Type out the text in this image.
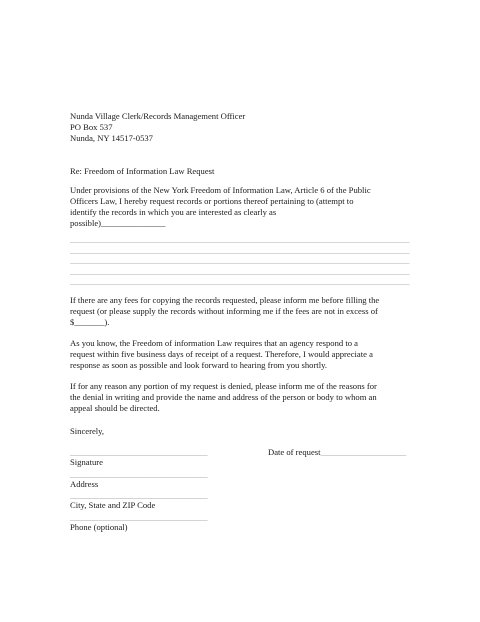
Nunda Village Clerk/Records Management Officer
PO Box 537
Nunda, NY 14517-0537
Re: Freedom of Information Law Request
Under provisions of the New York Freedom of Information Law, Article 6 of the Public
Officers Law, I hereby request records or portions thereof pertaining to (attempt to
identify the records in which you are interested as clearly as
possible)_______________
_________________________________________________________________________________________________
_________________________________________________________________________________________________
_________________________________________________________________________________________________
_________________________________________________________________________________________________
_________________________________________________________________________________________________
If there are any fees for copying the records requested, please inform me before filling the
request (or please supply the records without informing me if the fees are not in excess of
$_______).
As you know, the Freedom of information Law requires that an agency respond to a
request within five business days of receipt of a request. Therefore, I would appreciate a
response as soon as possible and look forward to hearing from you shortly.
If for any reason any portion of my request is denied, please inform me of the reasons for
the denial in writing and provide the name and address of the person or body to whom an
appeal should be directed.
Sincerely,
________________________________	Date of request____________________
Signature
________________________________
Address
________________________________
City, State and ZIP Code
________________________________
Phone (optional)
